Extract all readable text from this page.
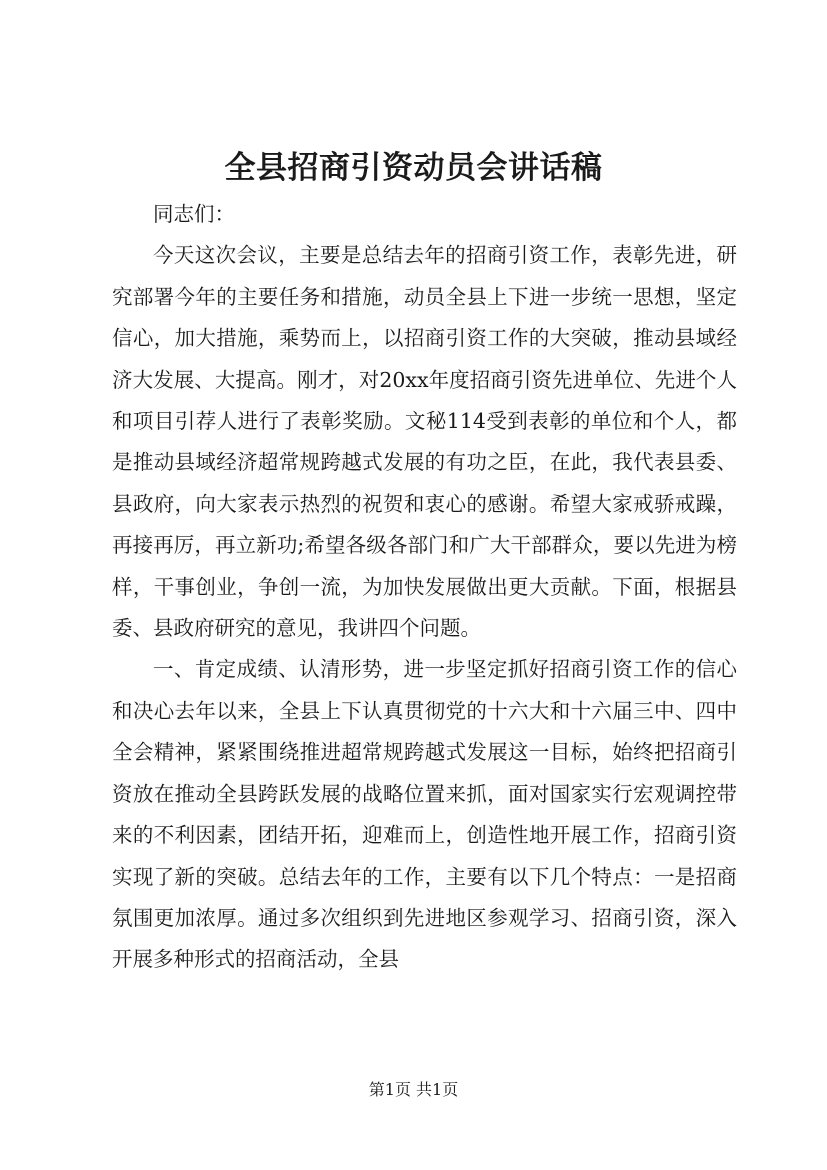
全县招商引资动员会讲话稿

同志们：

今天这次会议，主要是总结去年的招商引资工作，表彰先进，研究部署今年的主要任务和措施，动员全县上下进一步统一思想，坚定信心，加大措施，乘势而上，以招商引资工作的大突破，推动县域经济大发展、大提高。刚才，对20xx年度招商引资先进单位、先进个人和项目引荐人进行了表彰奖励。文秘114受到表彰的单位和个人，都是推动县域经济超常规跨越式发展的有功之臣，在此，我代表县委、县政府，向大家表示热烈的祝贺和衷心的感谢。希望大家戒骄戒躁，再接再厉，再立新功;希望各级各部门和广大干部群众，要以先进为榜样，干事创业，争创一流，为加快发展做出更大贡献。下面，根据县委、县政府研究的意见，我讲四个问题。

一、肯定成绩、认清形势，进一步坚定抓好招商引资工作的信心和决心去年以来，全县上下认真贯彻党的十六大和十六届三中、四中全会精神，紧紧围绕推进超常规跨越式发展这一目标，始终把招商引资放在推动全县跨跃发展的战略位置来抓，面对国家实行宏观调控带来的不利因素，团结开拓，迎难而上，创造性地开展工作，招商引资实现了新的突破。总结去年的工作，主要有以下几个特点：一是招商氛围更加浓厚。通过多次组织到先进地区参观学习、招商引资，深入开展多种形式的招商活动，全县

第1页 共1页
